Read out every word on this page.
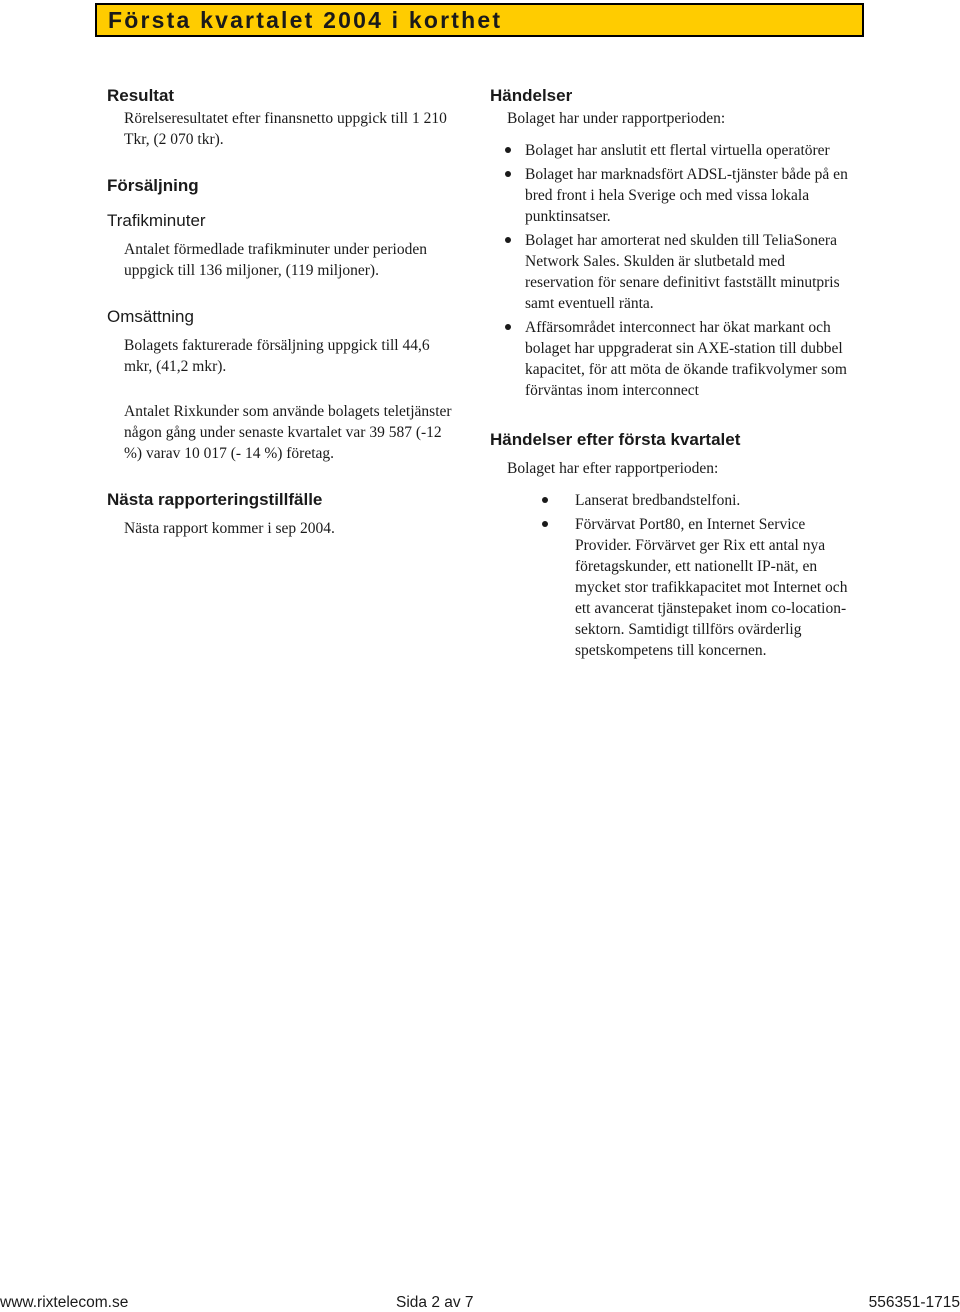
Första kvartalet 2004 i korthet

Resultat

Rörelseresultatet efter finansnetto uppgick till 1 210 Tkr, (2 070 tkr).

Försäljning

Trafikminuter

Antalet förmedlade trafikminuter under perioden uppgick till 136 miljoner, (119 miljoner).

Omsättning

Bolagets fakturerade försäljning uppgick till 44,6 mkr, (41,2 mkr).

Antalet Rixkunder som använde bolagets teletjänster någon gång under senaste kvartalet var 39 587 (-12 %) varav 10 017 (- 14 %) företag.

Nästa rapporteringstillfälle

Nästa rapport kommer i sep 2004.

Händelser

Bolaget har under rapportperioden:

Bolaget har anslutit ett flertal virtuella operatörer
Bolaget har marknadsfört ADSL-tjänster både på en bred front i hela Sverige och med vissa lokala punktinsatser.
Bolaget har amorterat ned skulden till TeliaSonera Network Sales. Skulden är slutbetald med reservation för senare definitivt fastställt minutpris samt eventuell ränta.
Affärsområdet interconnect har ökat markant och bolaget har uppgraderat sin AXE-station till dubbel kapacitet, för att möta de ökande trafikvolymer som förväntas inom interconnect

Händelser efter första kvartalet

Bolaget har efter rapportperioden:

Lanserat bredbandstelfoni.
Förvärvat Port80, en Internet Service Provider. Förvärvet ger Rix ett antal nya företagskunder, ett nationellt IP-nät, en mycket stor trafikkapacitet mot Internet och ett avancerat tjänstepaket inom co-location-sektorn. Samtidigt tillförs ovärderlig spetskompetens till koncernen.
www.rixtelecom.se	Sida 2 av 7	556351-1715
